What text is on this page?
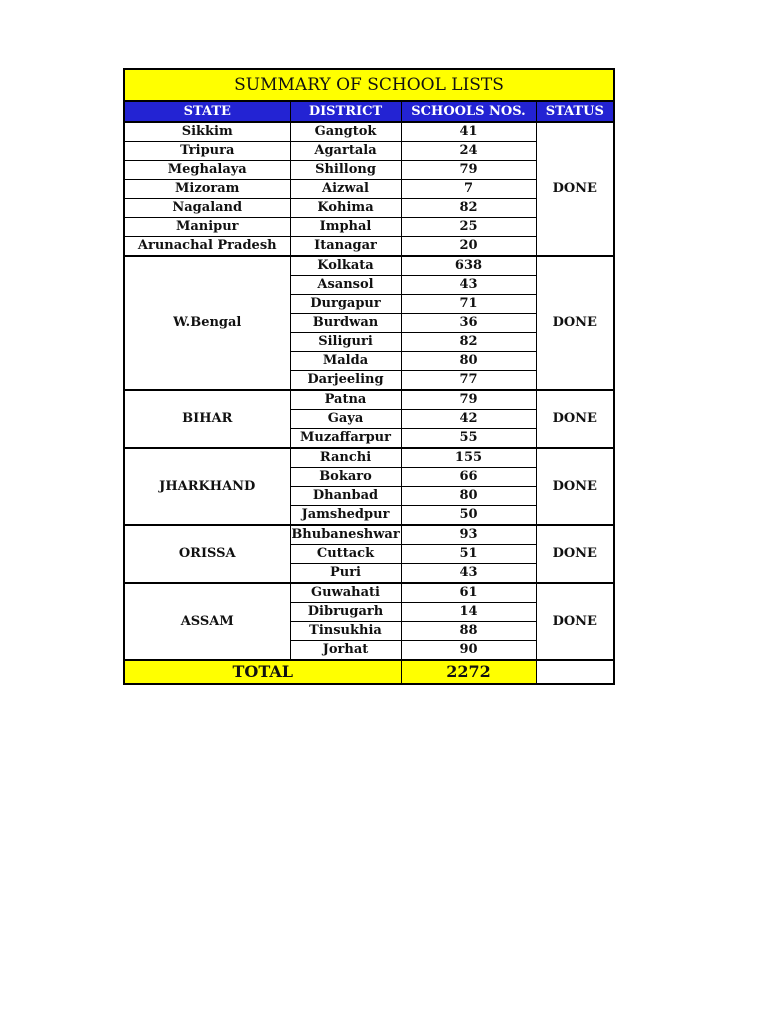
SUMMARY OF SCHOOL LISTS			
STATE	DISTRICT	SCHOOLS NOS.	STATUS
Sikkim	Gangtok	41	DONE
Tripura	Agartala	24	
Meghalaya	Shillong	79	
Mizoram	Aizwal	7	
Nagaland	Kohima	82	
Manipur	Imphal	25	
Arunachal Pradesh	Itanagar	20	
W.Bengal	Kolkata	638	DONE
	Asansol	43	
	Durgapur	71	
	Burdwan	36	
	Siliguri	82	
	Malda	80	
	Darjeeling	77	
BIHAR	Patna	79	DONE
	Gaya	42	
	Muzaffarpur	55	
JHARKHAND	Ranchi	155	DONE
	Bokaro	66	
	Dhanbad	80	
	Jamshedpur	50	
ORISSA	Bhubaneshwar	93	DONE
	Cuttack	51	
	Puri	43	
ASSAM	Guwahati	61	DONE
	Dibrugarh	14	
	Tinsukhia	88	
	Jorhat	90	
TOTAL		2272	
